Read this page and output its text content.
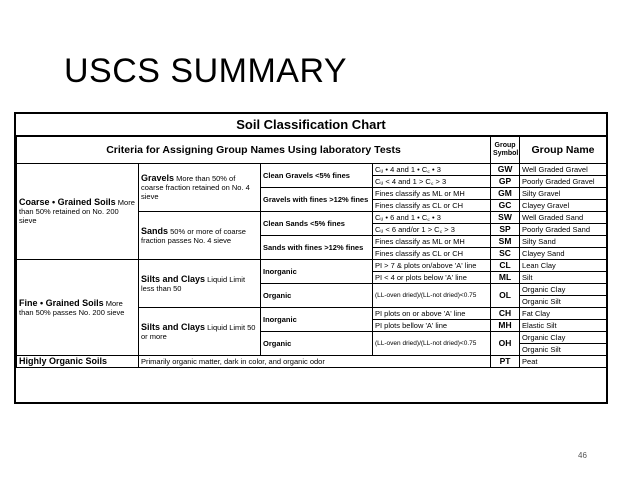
USCS SUMMARY
Soil Classification Chart
Criteria for Assigning Group Names Using laboratory Tests				Group Symbol	Group Name
Coarse • Grained Soils More than 50% retained on No. 200 sieve	Gravels More than 50% of coarse fraction retained on No. 4 sieve	Clean Gravels <5% fines	Cᵤ • 4 and 1 • C꜀ • 3	GW	Well Graded Gravel
			Cᵤ < 4 and 1 > C꜀ > 3	GP	Poorly Graded Gravel
		Gravels with fines >12% fines	Fines classify as ML or MH	GM	Silty Gravel
			Fines classify as CL or CH	GC	Clayey Gravel
	Sands 50% or more of coarse fraction passes No. 4 sieve	Clean Sands <5% fines	Cᵤ • 6 and 1 • C꜀ • 3	SW	Well Graded Sand
			Cᵤ < 6 and/or 1 > C꜀ > 3	SP	Poorly Graded Sand
		Sands with fines >12% fines	Fines classify as ML or MH	SM	Silty Sand
			Fines classify as CL or CH	SC	Clayey Sand
Fine • Grained Soils More than 50% passes No. 200 sieve	Silts and Clays Liquid Limit less than 50	Inorganic	PI > 7 & plots on/above 'A' line	CL	Lean Clay
			PI < 4 or plots below 'A' line	ML	Silt
		Organic	(LL-oven dried)/(LL-not dried)<0.75	OL	Organic Clay
					Organic Silt
	Silts and Clays Liquid Limit 50 or more	Inorganic	PI plots on or above 'A' line	CH	Fat Clay
			PI plots bellow 'A' line	MH	Elastic Silt
		Organic	(LL-oven dried)/(LL-not dried)<0.75	OH	Organic Clay
					Organic Silt
Highly Organic Soils	Primarily organic matter, dark in color, and organic odor			PT	Peat
46
